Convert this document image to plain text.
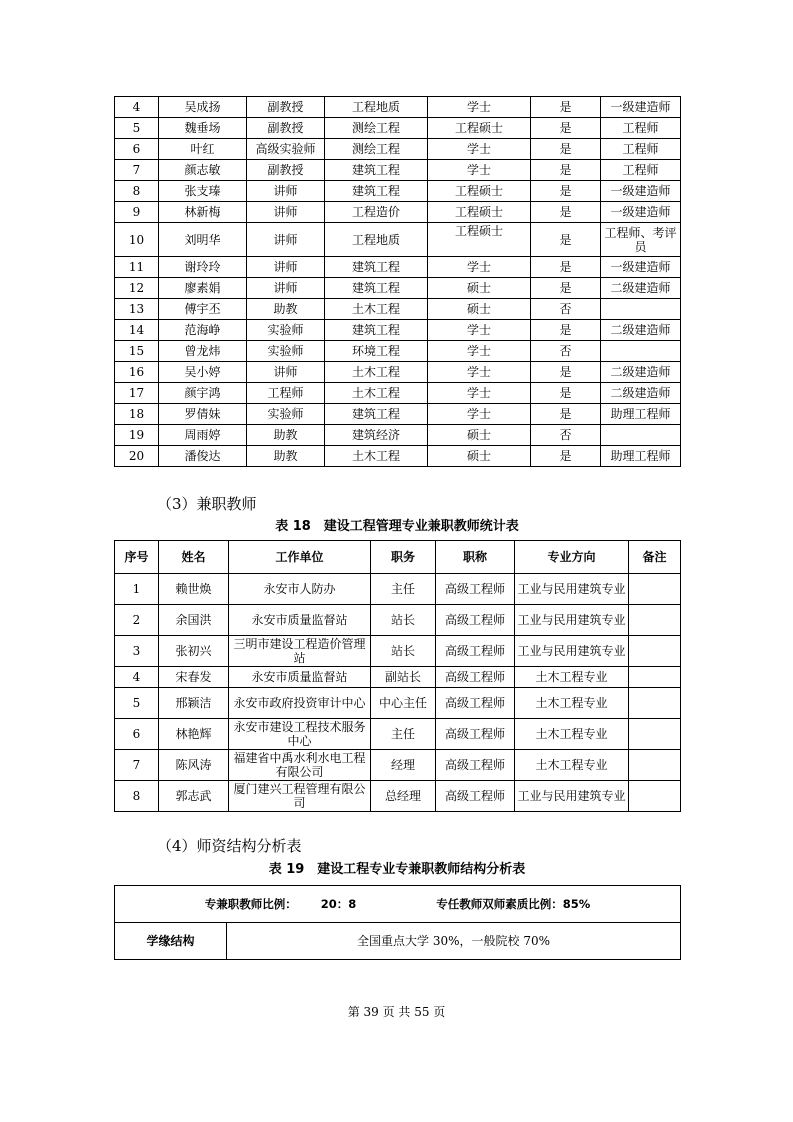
4	吴成扬	副教授	工程地质	学士	是	一级建造师
5	魏垂场	副教授	测绘工程	工程硕士	是	工程师
6	叶红	高级实验师	测绘工程	学士	是	工程师
7	颜志敏	副教授	建筑工程	学士	是	工程师
8	张支瑧	讲师	建筑工程	工程硕士	是	一级建造师
9	林新梅	讲师	工程造价	工程硕士	是	一级建造师
10	刘明华	讲师	工程地质	工程硕士	是	工程师、考评员
11	谢玲玲	讲师	建筑工程	学士	是	一级建造师
12	廖素娟	讲师	建筑工程	硕士	是	二级建造师
13	傅宇丕	助教	土木工程	硕士	否	
14	范海峥	实验师	建筑工程	学士	是	二级建造师
15	曾龙炜	实验师	环境工程	学士	否	
16	吴小婷	讲师	土木工程	学士	是	二级建造师
17	颜宇鸿	工程师	土木工程	学士	是	二级建造师
18	罗倩妹	实验师	建筑工程	学士	是	助理工程师
19	周雨婷	助教	建筑经济	硕士	否	
20	潘俊达	助教	土木工程	硕士	是	助理工程师
（3）兼职教师
表 18　建设工程管理专业兼职教师统计表
序号	姓名	工作单位	职务	职称	专业方向	备注
1	赖世焕	永安市人防办	主任	高级工程师	工业与民用建筑专业	
2	余国洪	永安市质量监督站	站长	高级工程师	工业与民用建筑专业	
3	张初兴	三明市建设工程造价管理站	站长	高级工程师	工业与民用建筑专业	
4	宋春发	永安市质量监督站	副站长	高级工程师	土木工程专业	
5	邢颖洁	永安市政府投资审计中心	中心主任	高级工程师	土木工程专业	
6	林艳辉	永安市建设工程技术服务中心	主任	高级工程师	土木工程专业	
7	陈风涛	福建省中禹水利水电工程有限公司	经理	高级工程师	土木工程专业	
8	郭志武	厦门建兴工程管理有限公司	总经理	高级工程师	工业与民用建筑专业	
（4）师资结构分析表
表 19　建设工程专业专兼职教师结构分析表
专兼职教师比例： 20：8	专任教师双师素质比例：85%
学缘结构	全国重点大学 30%，一般院校 70%
第 39 页 共 55 页
